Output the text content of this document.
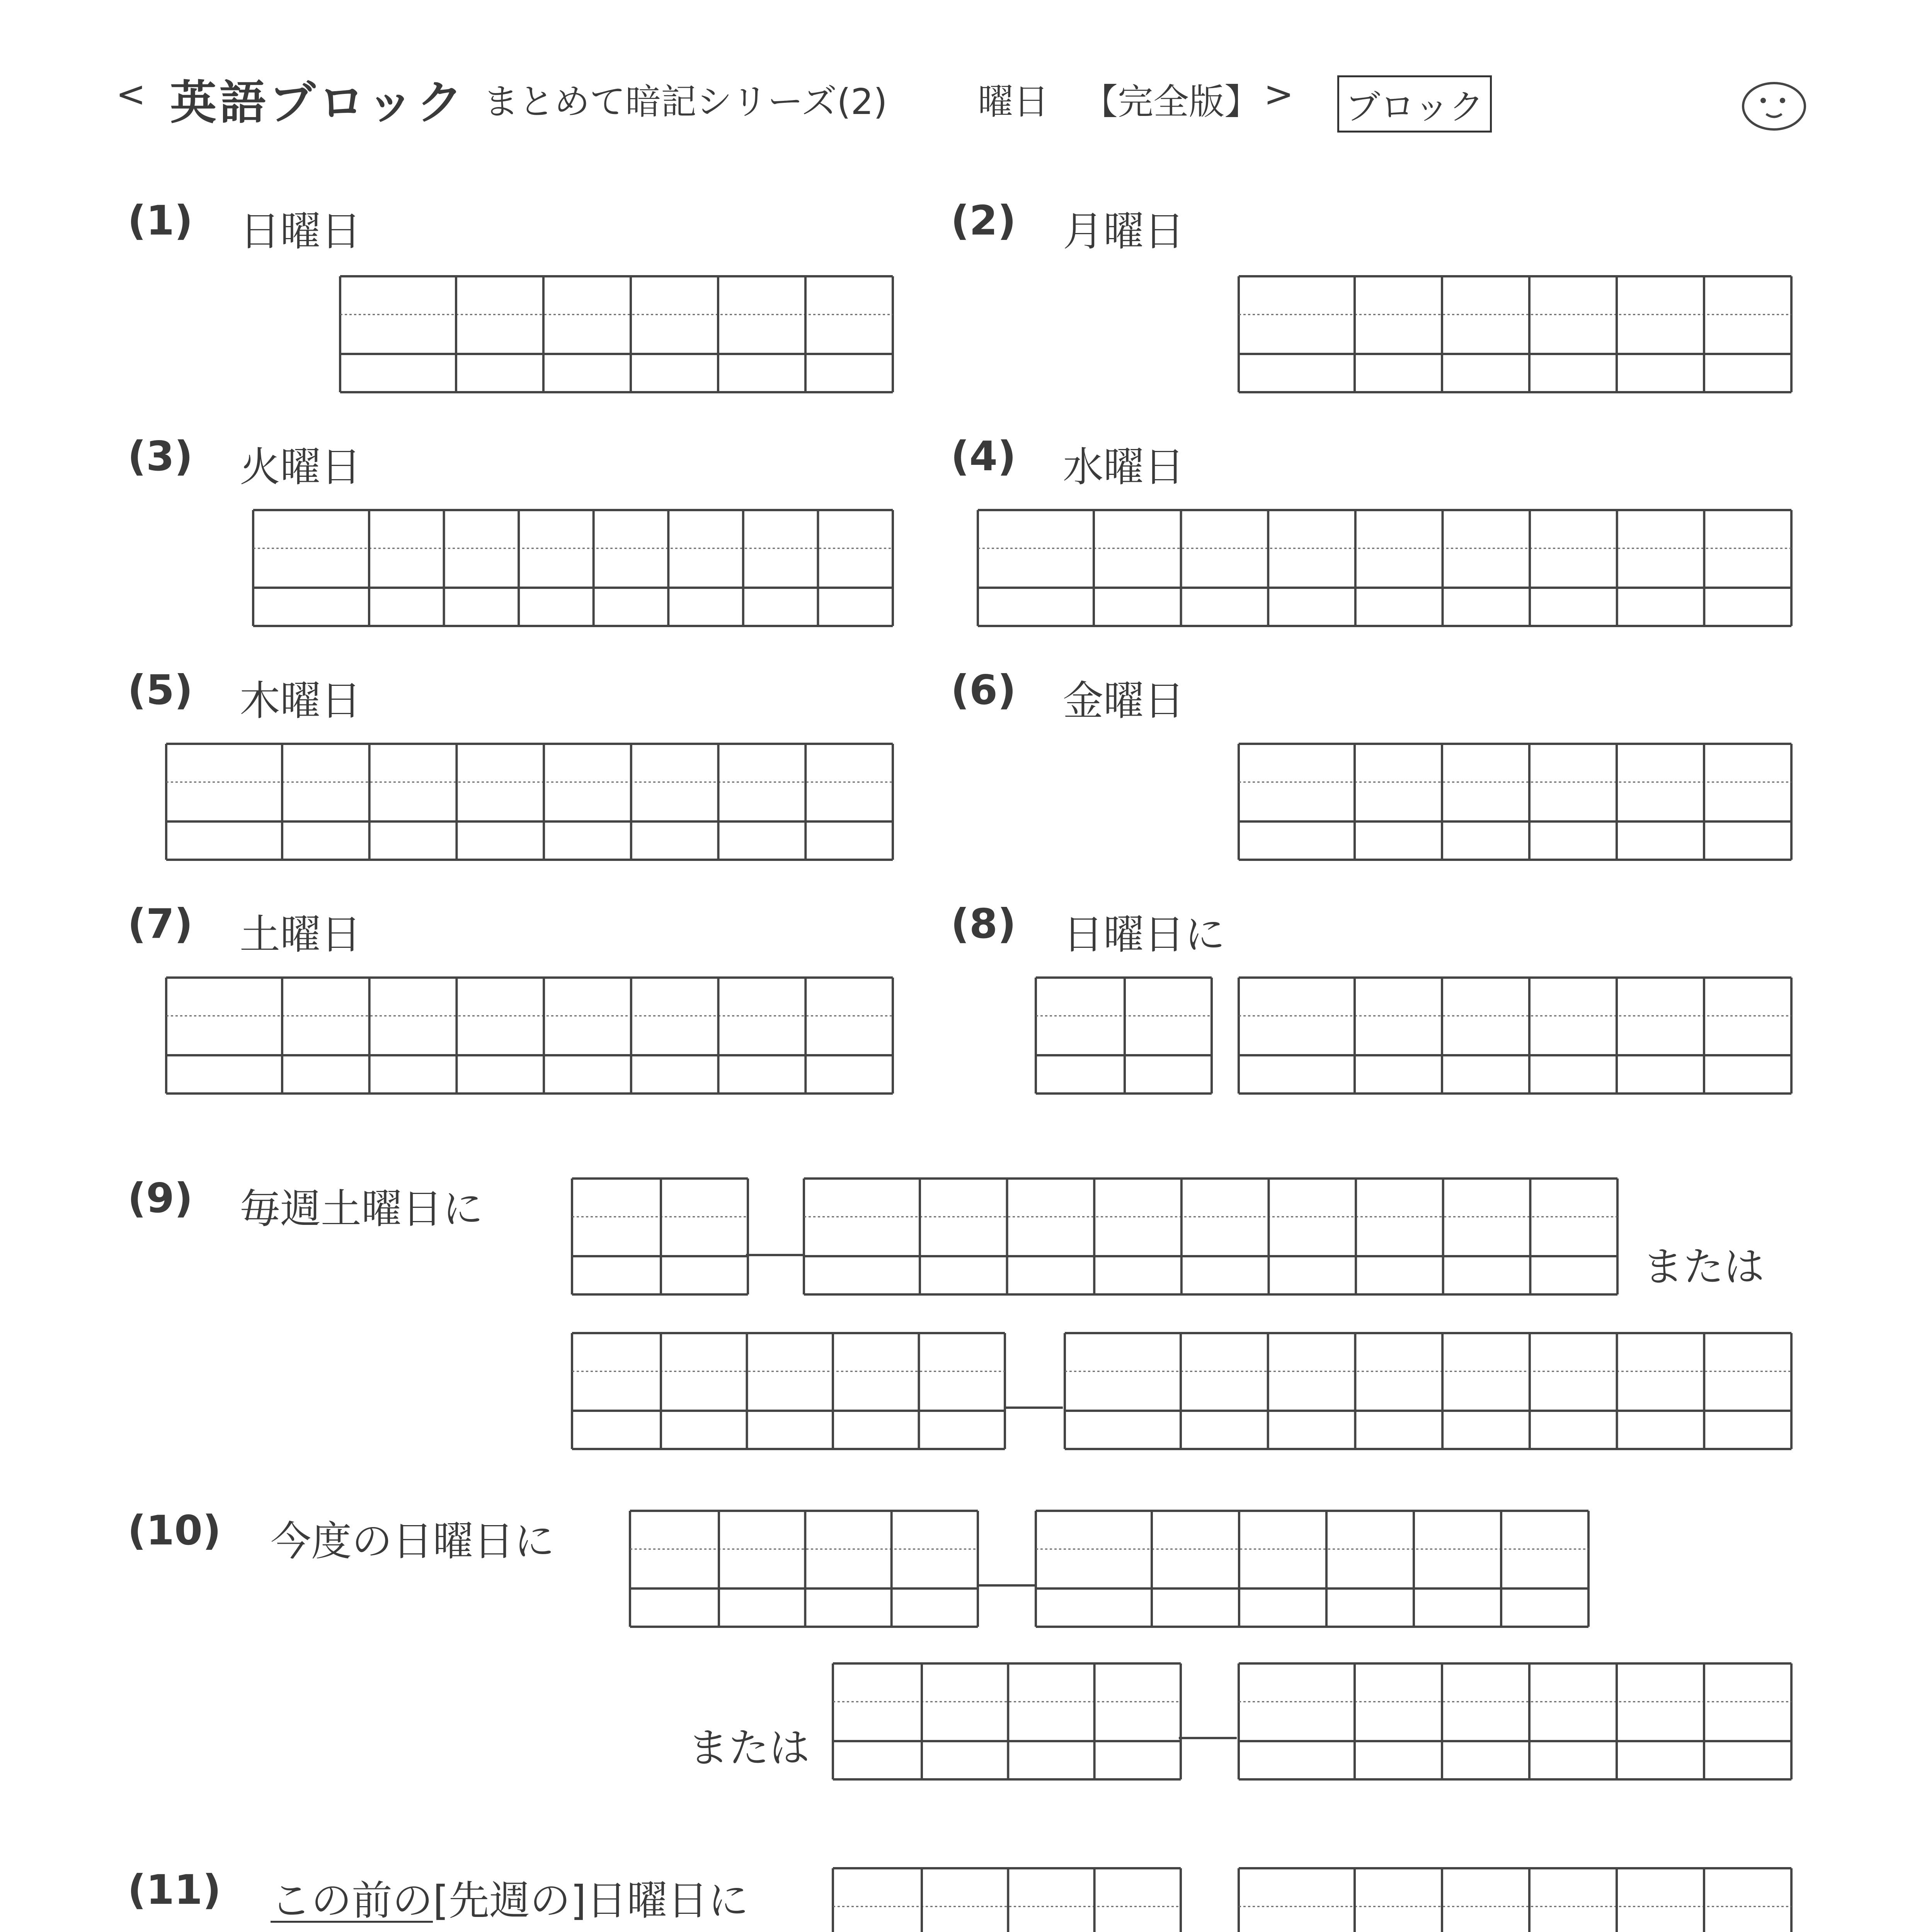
< 英語ブロック まとめて暗記シリーズ(2)	曜日 【完全版】 > ブロック
(1) 日曜日	(2) 月曜日
(3) 火曜日	(4) 水曜日
(5) 木曜日	(6) 金曜日
(7) 土曜日	(8) 日曜日に
(9) 毎週土曜日に
または
(10) 今度の日曜日に
または
(11) この前の[先週の]日曜日に
